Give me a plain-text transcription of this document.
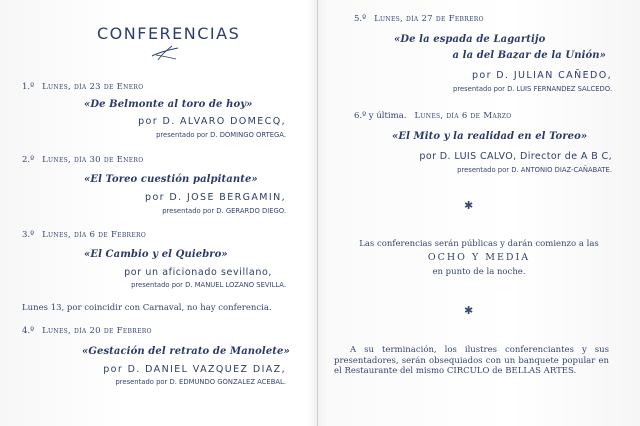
CONFERENCIAS
1.º Lunes, día 23 de Enero
«De Belmonte al toro de hoy»
por D. ALVARO DOMECQ,
presentado por D. DOMINGO ORTEGA.
2.º Lunes, día 30 de Enero
«El Toreo cuestión palpitante»
por D. JOSE BERGAMIN,
presentado por D. GERARDO DIEGO.
3.º Lunes, día 6 de Febrero
«El Cambio y el Quiebro»
por un aficionado sevillano,
presentado por D. MANUEL LOZANO SEVILLA.
Lunes 13, por coincidir con Carnaval, no hay conferencia.
4.º Lunes, día 20 de Febrero
«Gestación del retrato de Manolete»
por D. DANIEL VAZQUEZ DIAZ,
presentado por D. EDMUNDO GONZALEZ ACEBAL.
5.º Lunes, día 27 de Febrero
«De la espada de Lagartijo
a la del Bazar de la Unión»
por D. JULIAN CAÑEDO,
presentado por D. LUIS FERNANDEZ SALCEDO.
6.º y última. Lunes, día 6 de Marzo
«El Mito y la realidad en el Toreo»
por D. LUIS CALVO, Director de A B C,
presentado por D. ANTONIO DIAZ-CAÑABATE.
✱
Las conferencias serán públicas y darán comienzo a las
OCHO Y MEDIA
en punto de la noche.
✱
A su terminación, los ilustres conferenciantes y sus presentadores, serán obsequiados con un banquete popular en el Restaurante del mismo CIRCULO de BELLAS ARTES.
